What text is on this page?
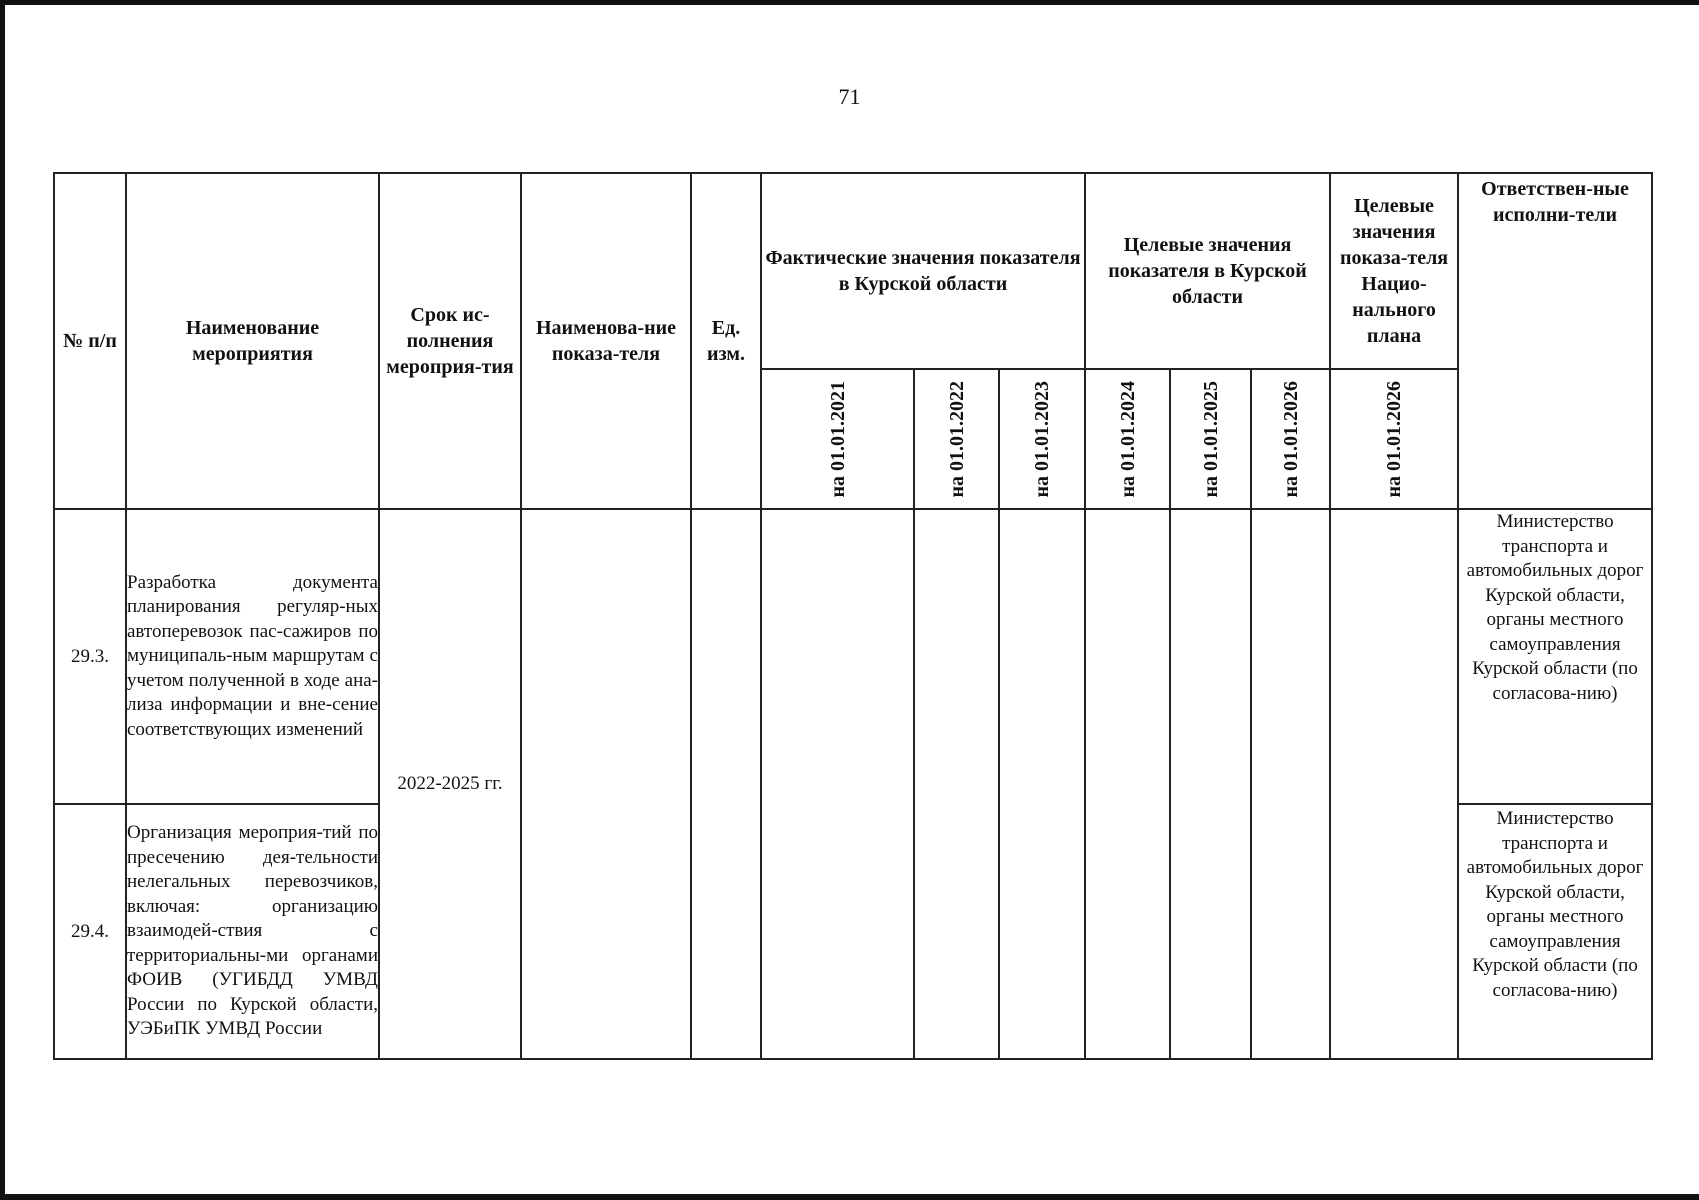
71
№ п/п	Наименование мероприятия	Срок ис-полнения мероприя-тия	Наименова-ние показа-теля	Ед. изм.	Фактические значения показателя в Курской области			Целевые значения показателя в Курской области			Целевые значения показа-теля Нацио-нального плана	Ответствен-ные исполни-тели

					на 01.01.2021	на 01.01.2022	на 01.01.2023	на 01.01.2024	на 01.01.2025	на 01.01.2026	на 01.01.2026	

29.3.	Разработка документа планирования регуляр-ных автоперевозок пас-сажиров по муниципаль-ным маршрутам с учетом полученной в ходе ана-лиза информации и вне-сение соответствующих изменений	2022-2025 гг.										Министерство транспорта и автомобильных дорог Курской области, органы местного самоуправления Курской области (по согласова-нию)
29.4.	Организация мероприя-тий по пресечению дея-тельности нелегальных перевозчиков, включая: организацию взаимодей-ствия с территориальны-ми органами ФОИВ (УГИБДД УМВД России по Курской области, УЭБиПК УМВД России											Министерство транспорта и автомобильных дорог Курской области, органы местного самоуправления Курской области (по согласова-нию)
